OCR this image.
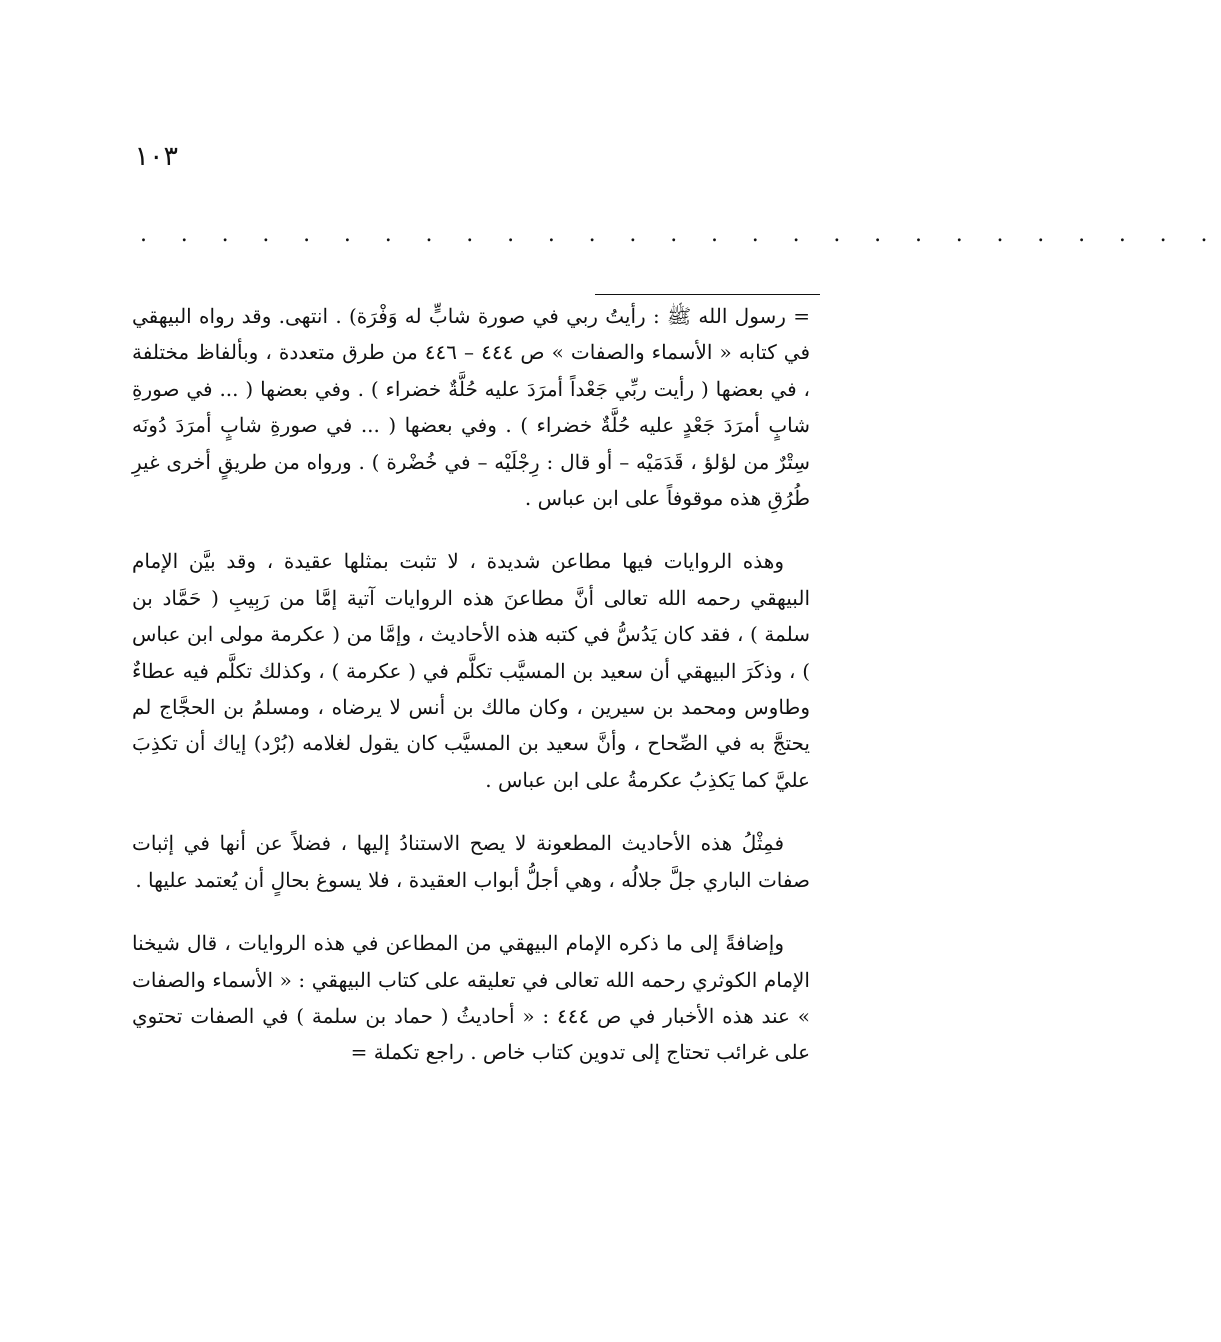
١٠٣
. . . . . . . . . . . . . . . . . . . . . . . . . . .

= رسول الله ﷺ : رأيتُ ربي في صورة شابٍّ له وَفْرَة) . انتهى. وقد رواه البيهقي في كتابه « الأسماء والصفات » ص ٤٤٤ – ٤٤٦ من طرق متعددة ، وبألفاظ مختلفة ، في بعضها ( رأيت ربِّي جَعْداً أمرَدَ عليه حُلَّةٌ خضراء ) . وفي بعضها ( ... في صورةِ شابٍ أمرَدَ جَعْدٍ عليه حُلَّةٌ خضراء ) . وفي بعضها ( ... في صورةِ شابٍ أمرَدَ دُونَه سِتْرٌ من لؤلؤ ، قَدَمَيْه – أو قال : رِجْلَيْه – في خُضْرة ) . ورواه من طريقٍ أخرى غيرِ طُرُقِ هذه موقوفاً على ابن عباس .

وهذه الروايات فيها مطاعن شديدة ، لا تثبت بمثلها عقيدة ، وقد بيَّن الإمام البيهقي رحمه الله تعالى أنَّ مطاعنَ هذه الروايات آتية إمَّا من رَبِيبِ ( حَمَّاد بن سلمة ) ، فقد كان يَدُسُّ في كتبه هذه الأحاديث ، وإمَّا من ( عكرمة مولى ابن عباس ) ، وذكَرَ البيهقي أن سعيد بن المسيَّب تكلَّم في ( عكرمة ) ، وكذلك تكلَّم فيه عطاءٌ وطاوس ومحمد بن سيرين ، وكان مالك بن أنس لا يرضاه ، ومسلمُ بن الحجَّاج لم يحتجَّ به في الصِّحاح ، وأنَّ سعيد بن المسيَّب كان يقول لغلامه (بُرْد) إياك أن تكذِبَ عليَّ كما يَكذِبُ عكرمةُ على ابن عباس .

فمِثْلُ هذه الأحاديث المطعونة لا يصح الاستنادُ إليها ، فضلاً عن أنها في إثبات صفات الباري جلَّ جلالُه ، وهي أجلُّ أبواب العقيدة ، فلا يسوغ بحالٍ أن يُعتمد عليها .

وإضافةً إلى ما ذكره الإمام البيهقي من المطاعن في هذه الروايات ، قال شيخنا الإمام الكوثري رحمه الله تعالى في تعليقه على كتاب البيهقي : « الأسماء والصفات » عند هذه الأخبار في ص ٤٤٤ : « أحاديثُ ( حماد بن سلمة ) في الصفات تحتوي على غرائب تحتاج إلى تدوين كتاب خاص . راجع تكملة =
